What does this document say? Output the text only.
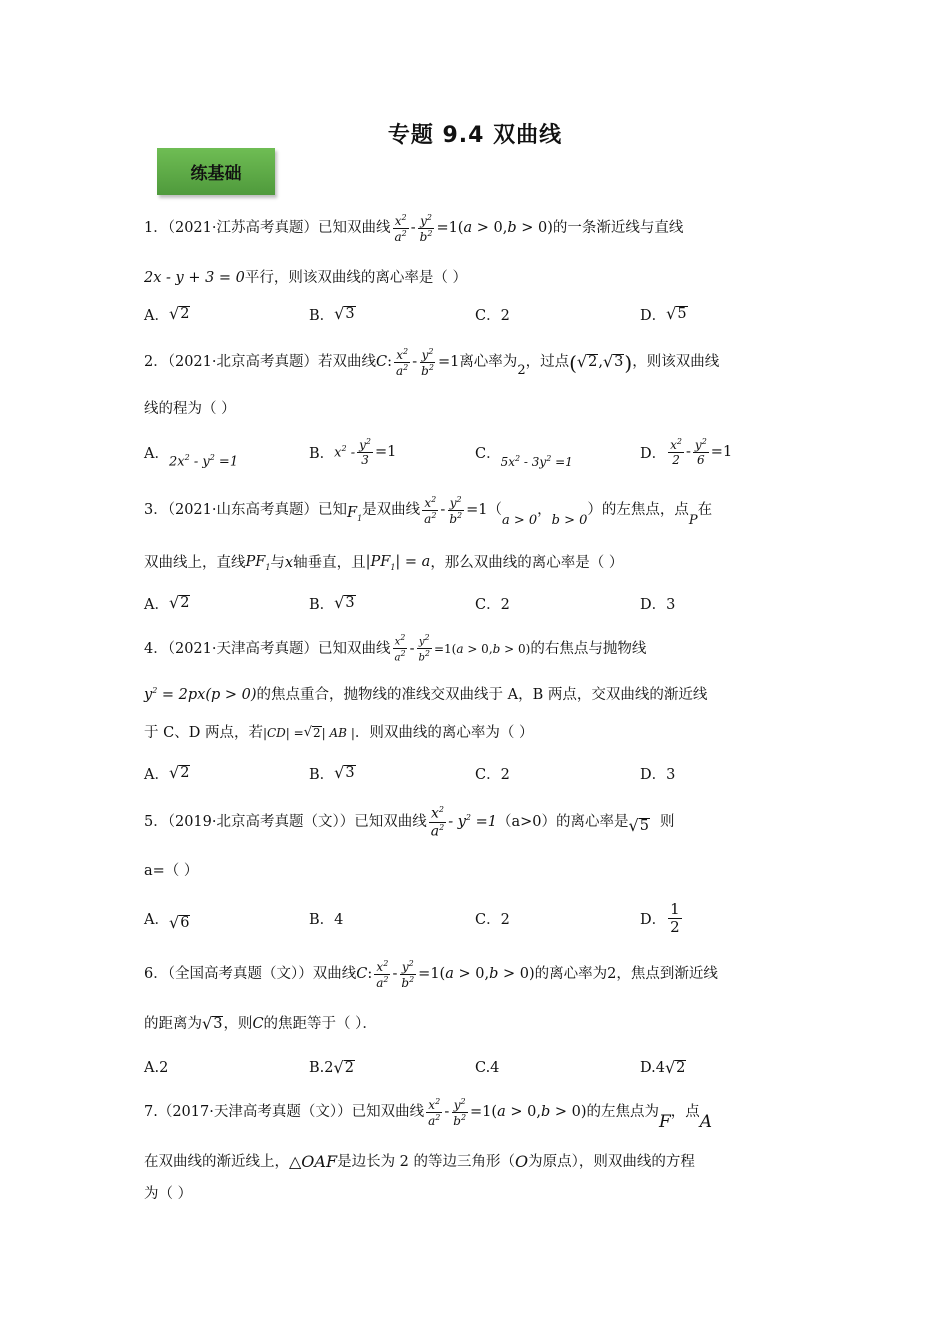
专题 9.4 双曲线
练基础
1．（2021·江苏高考真题）已知双曲线 $\frac{x^2}{a^2} - \frac{y^2}{b^2} =1(a > 0,b > 0)$ 的一条渐近线与直线
2x - y + 3 = 0平行，则该双曲线的离心率是（ ）
A． √ 2	B． √ 3	C．2	D． √ 5
2．（2021·北京高考真题）若双曲线 C : $\frac{x^2}{a^2} - \frac{y^2}{b^2} =1$ 离心率为
2
，过点 ( √ 2 , √ 3 ) ，则该双曲线
线的程为（ ）
A．
$2x^2 - y^2 =1$
B． $x^2 - \frac{y^2}{3} =1$	C． $5x^2 - 3y^2 =1$	D． $\frac{x^2}{2} - \frac{y^2}{6} =1$
3．（2021·山东高考真题）已知 $F_1$
是双曲线 $\frac{x^2}{a^2} - \frac{y^2}{b^2} =1$ （
a > 0
，
b > 0
）的左焦点，点
P
在
双曲线上，直线 $PF_1$ 与 x 轴垂直，且 $|PF_1| = a$ ，那么双曲线的离心率是（ ）
A． √ 2	B． √ 3	C．2	D．3
4．（2021·天津高考真题）已知双曲线 $\frac{x^2}{a^2} - \frac{y^2}{b^2} =1(a > 0,b > 0)$ 的右焦点与抛物线
$y^2 = 2px(p > 0)$的焦点重合，抛物线的准线交双曲线于 A，B 两点，交双曲线的渐近线
于 C、D 两点，若 |CD| = √ 2 | AB | ．则双曲线的离心率为（ ）
A． √ 2	B． √ 3	C．2	D．3
5．（2019·北京高考真题（文））已知双曲线 $\frac{x^2}{a^2} - y^2 =1$ （a>0）的离心率是 √ 5 则
a=（ ）
A． √ 6	B．4	C．2	D． $\frac{1}{2}$
6．（全国高考真题（文））双曲线 C : $\frac{x^2}{a^2} - \frac{y^2}{b^2} =1(a > 0,b > 0)$ 的离心率为2，焦点到渐近线
的距离为 √ 3 ，则 C 的焦距等于（ ）．
A.2	B. 2 √ 2	C.4	D. 4 √ 2
7.（2017·天津高考真题（文））已知双曲线 $\frac{x^2}{a^2} - \frac{y^2}{b^2} =1(a > 0,b > 0)$ 的左焦点为 F ，点 A
在双曲线的渐近线上， △OAF 是边长为 2 的等边三角形（ O 为原点），则双曲线的方程
为（ ）
